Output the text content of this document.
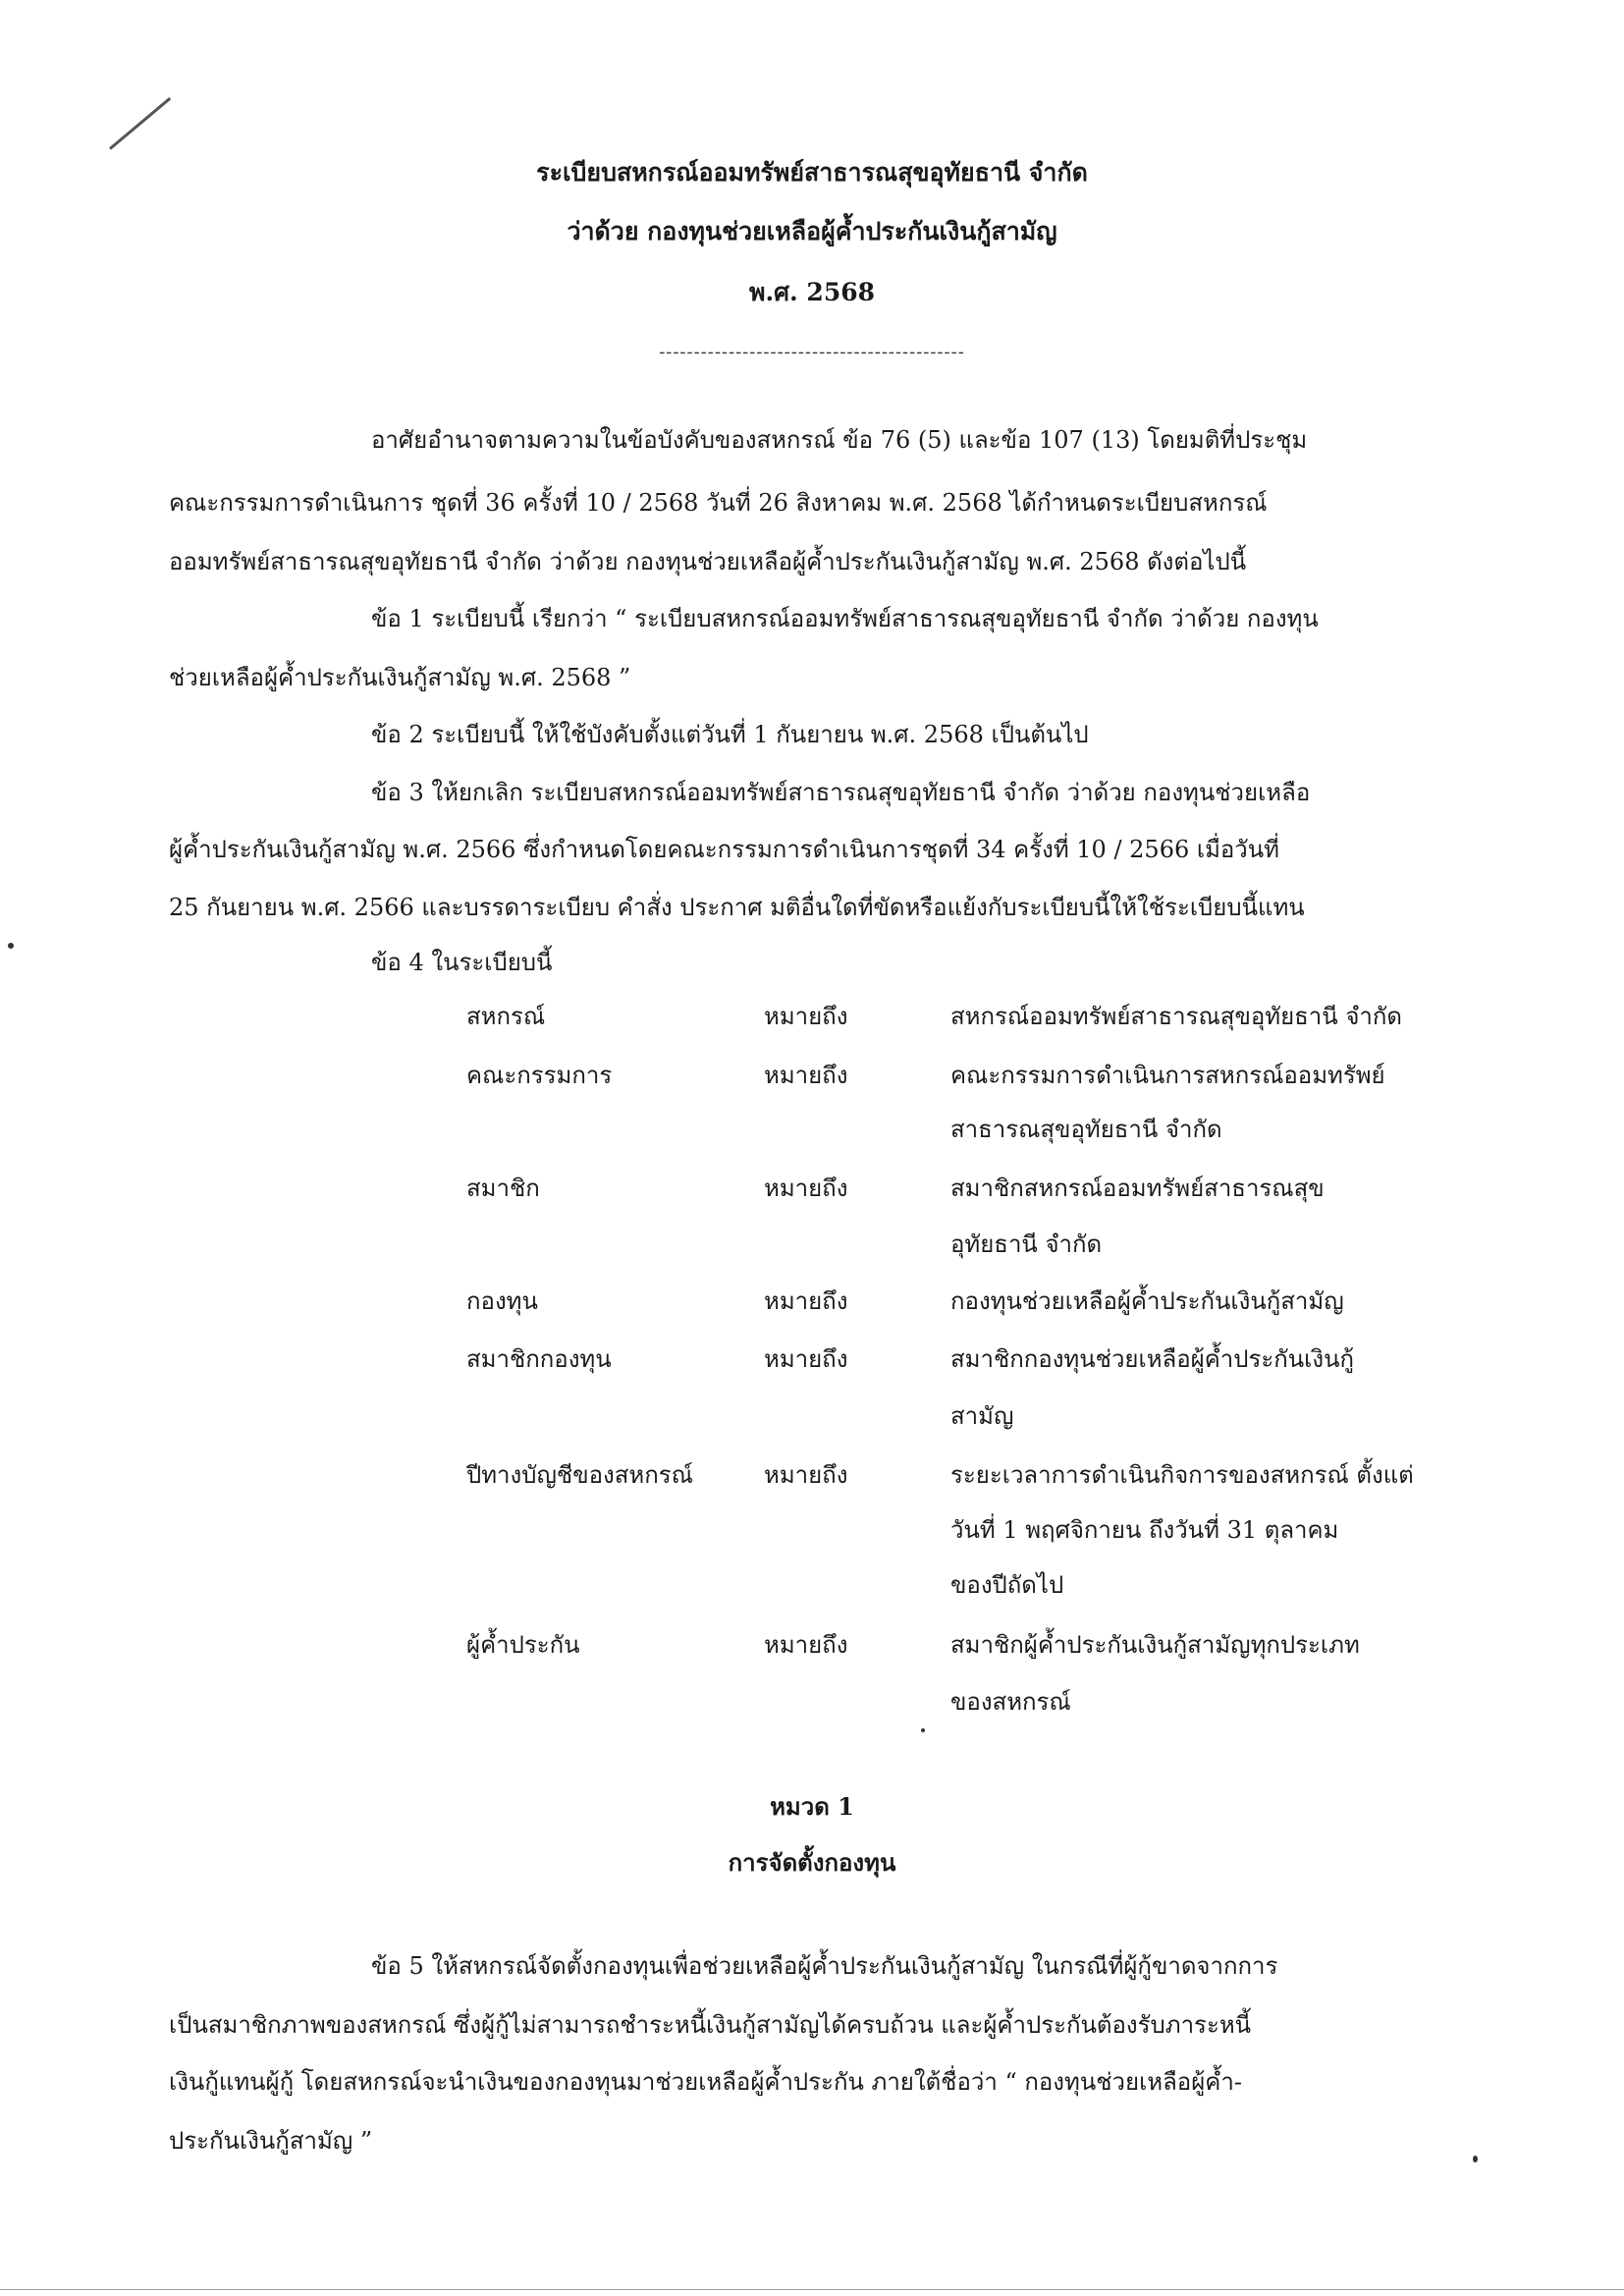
ระเบียบสหกรณ์ออมทรัพย์สาธารณสุขอุทัยธานี จำกัด
ว่าด้วย กองทุนช่วยเหลือผู้ค้ำประกันเงินกู้สามัญ
พ.ศ. 2568
--------------------------------------------
อาศัยอำนาจตามความในข้อบังคับของสหกรณ์ ข้อ 76 (5) และข้อ 107 (13) โดยมติที่ประชุม
คณะกรรมการดำเนินการ ชุดที่ 36 ครั้งที่ 10 / 2568 วันที่ 26 สิงหาคม พ.ศ. 2568 ได้กำหนดระเบียบสหกรณ์
ออมทรัพย์สาธารณสุขอุทัยธานี จำกัด ว่าด้วย กองทุนช่วยเหลือผู้ค้ำประกันเงินกู้สามัญ พ.ศ. 2568 ดังต่อไปนี้
ข้อ 1 ระเบียบนี้ เรียกว่า “ ระเบียบสหกรณ์ออมทรัพย์สาธารณสุขอุทัยธานี จำกัด ว่าด้วย กองทุน
ช่วยเหลือผู้ค้ำประกันเงินกู้สามัญ พ.ศ. 2568 ”
ข้อ 2 ระเบียบนี้ ให้ใช้บังคับตั้งแต่วันที่ 1 กันยายน พ.ศ. 2568 เป็นต้นไป
ข้อ 3 ให้ยกเลิก ระเบียบสหกรณ์ออมทรัพย์สาธารณสุขอุทัยธานี จำกัด ว่าด้วย กองทุนช่วยเหลือ
ผู้ค้ำประกันเงินกู้สามัญ พ.ศ. 2566 ซึ่งกำหนดโดยคณะกรรมการดำเนินการชุดที่ 34 ครั้งที่ 10 / 2566 เมื่อวันที่
25 กันยายน พ.ศ. 2566 และบรรดาระเบียบ คำสั่ง ประกาศ มติอื่นใดที่ขัดหรือแย้งกับระเบียบนี้ให้ใช้ระเบียบนี้แทน
ข้อ 4 ในระเบียบนี้
สหกรณ์	หมายถึง	สหกรณ์ออมทรัพย์สาธารณสุขอุทัยธานี จำกัด
คณะกรรมการ	หมายถึง	คณะกรรมการดำเนินการสหกรณ์ออมทรัพย์
สาธารณสุขอุทัยธานี จำกัด
สมาชิก	หมายถึง	สมาชิกสหกรณ์ออมทรัพย์สาธารณสุข
อุทัยธานี จำกัด
กองทุน	หมายถึง	กองทุนช่วยเหลือผู้ค้ำประกันเงินกู้สามัญ
สมาชิกกองทุน	หมายถึง	สมาชิกกองทุนช่วยเหลือผู้ค้ำประกันเงินกู้
สามัญ
ปีทางบัญชีของสหกรณ์	หมายถึง	ระยะเวลาการดำเนินกิจการของสหกรณ์ ตั้งแต่
วันที่ 1 พฤศจิกายน ถึงวันที่ 31 ตุลาคม
ของปีถัดไป
ผู้ค้ำประกัน	หมายถึง	สมาชิกผู้ค้ำประกันเงินกู้สามัญทุกประเภท
ของสหกรณ์
หมวด 1
การจัดตั้งกองทุน
ข้อ 5 ให้สหกรณ์จัดตั้งกองทุนเพื่อช่วยเหลือผู้ค้ำประกันเงินกู้สามัญ ในกรณีที่ผู้กู้ขาดจากการ
เป็นสมาชิกภาพของสหกรณ์ ซึ่งผู้กู้ไม่สามารถชำระหนี้เงินกู้สามัญได้ครบถ้วน และผู้ค้ำประกันต้องรับภาระหนี้
เงินกู้แทนผู้กู้ โดยสหกรณ์จะนำเงินของกองทุนมาช่วยเหลือผู้ค้ำประกัน ภายใต้ชื่อว่า “ กองทุนช่วยเหลือผู้ค้ำ-
ประกันเงินกู้สามัญ ”
